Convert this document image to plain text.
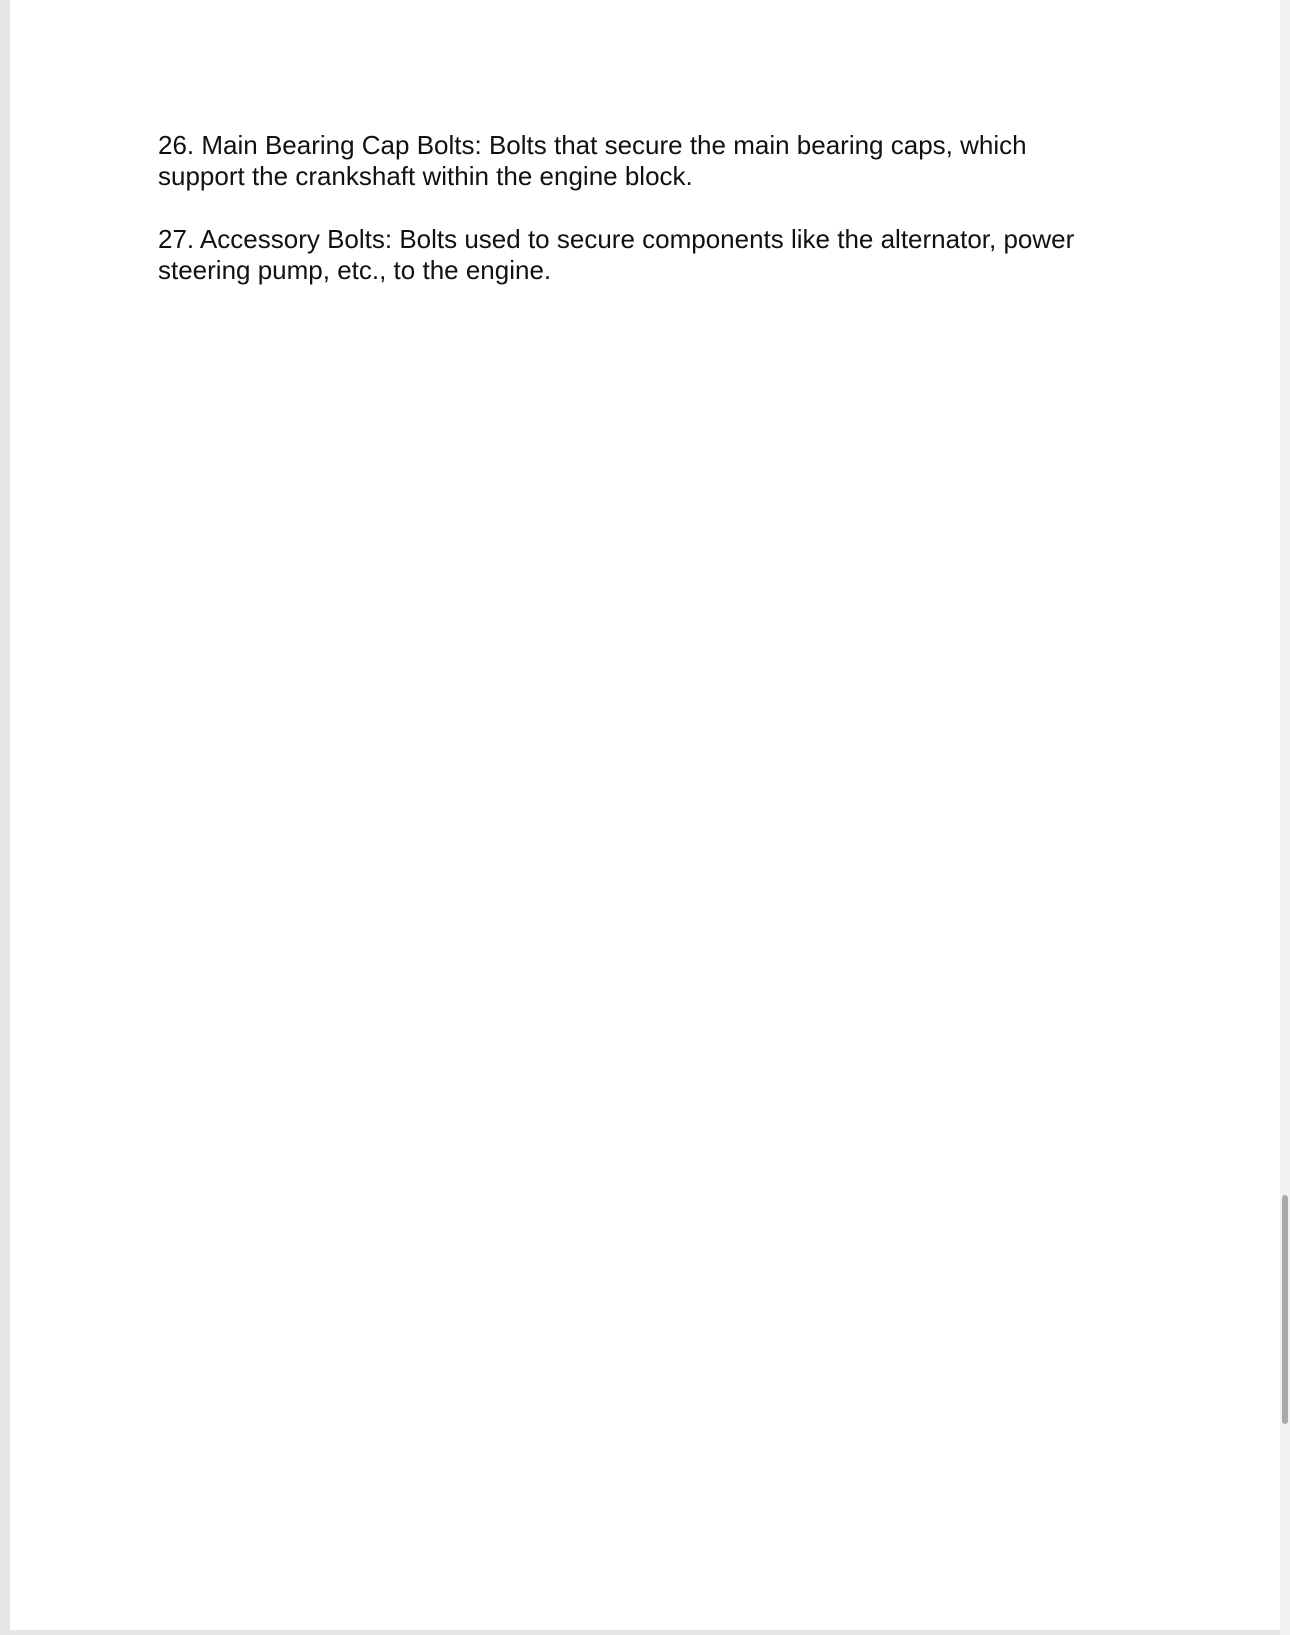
26. Main Bearing Cap Bolts: Bolts that secure the main bearing caps, which
support the crankshaft within the engine block.

27. Accessory Bolts: Bolts used to secure components like the alternator, power
steering pump, etc., to the engine.
